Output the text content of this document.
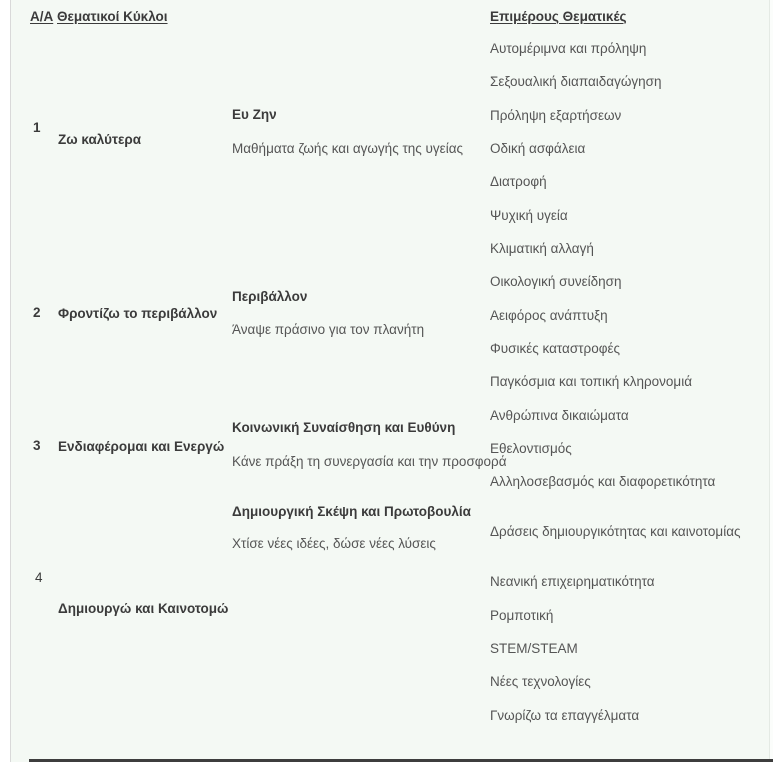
Α/Α Θεματικοί Κύκλοι	Επιμέρους Θεματικές
1
Ζω καλύτερα
Ευ Ζην
Μαθήματα ζωής και αγωγής της υγείας
2 Φροντίζω το περιβάλλον
Περιβάλλον
Άναψε πράσινο για τον πλανήτη
3 Ενδιαφέρομαι και Ενεργώ
Κοινωνική Συναίσθηση και Ευθύνη
Κάνε πράξη τη συνεργασία και την προσφορά
Δημιουργική Σκέψη και Πρωτοβουλία
Χτίσε νέες ιδέες, δώσε νέες λύσεις
4
Δημιουργώ και Καινοτομώ
Αυτομέριμνα και πρόληψη
Σεξουαλική διαπαιδαγώγηση
Πρόληψη εξαρτήσεων
Οδική ασφάλεια
Διατροφή
Ψυχική υγεία
Κλιματική αλλαγή
Οικολογική συνείδηση
Αειφόρος ανάπτυξη
Φυσικές καταστροφές
Παγκόσμια και τοπική κληρονομιά
Ανθρώπινα δικαιώματα
Εθελοντισμός
Αλληλοσεβασμός και διαφορετικότητα
Δράσεις δημιουργικότητας και καινοτομίας
Νεανική επιχειρηματικότητα
Ρομποτική
STEM/STEAM
Νέες τεχνολογίες
Γνωρίζω τα επαγγέλματα
